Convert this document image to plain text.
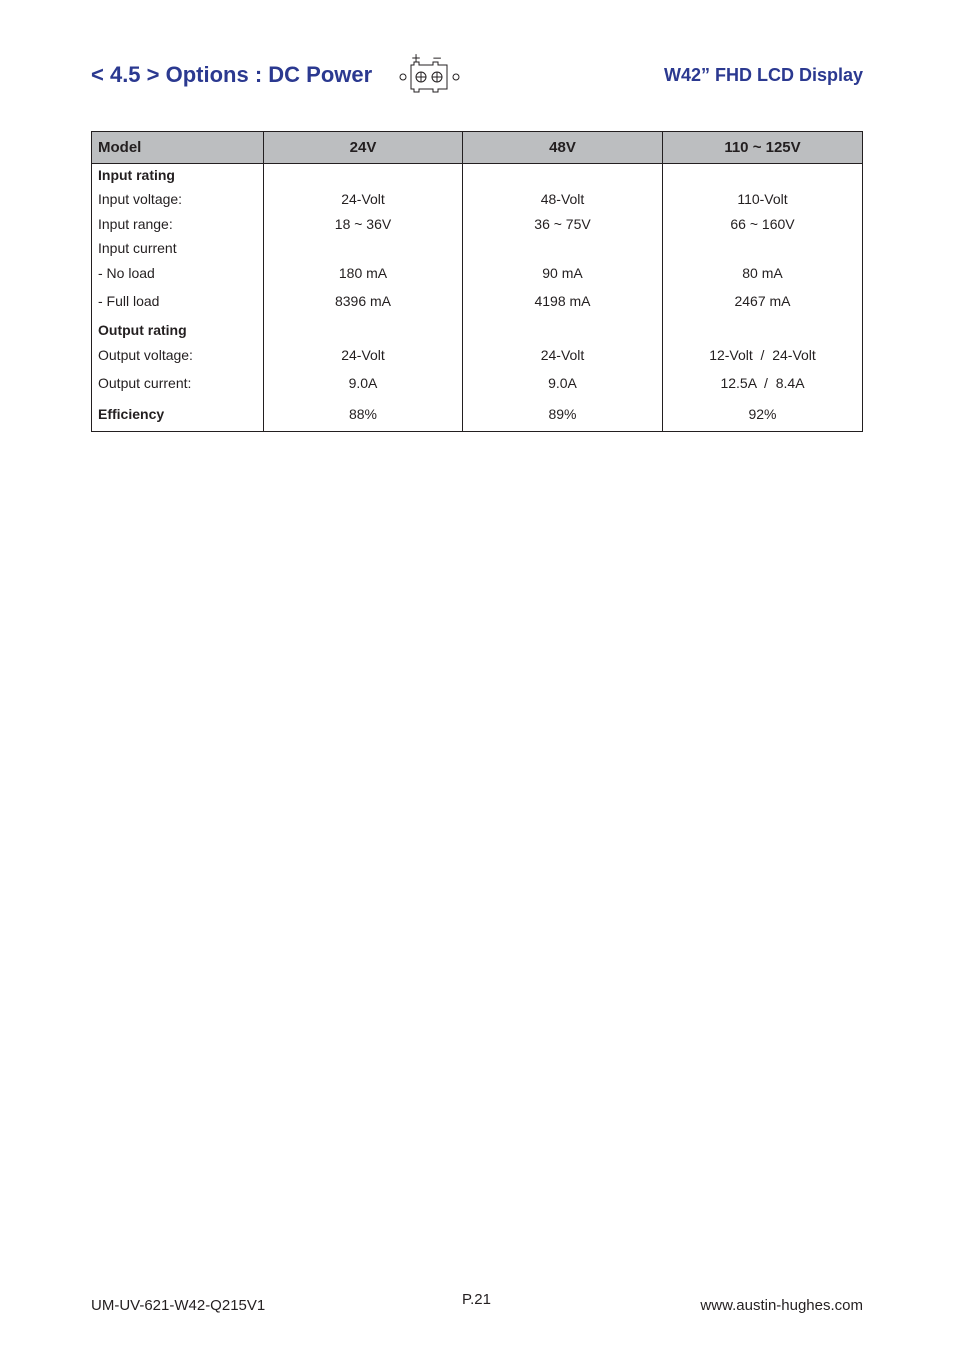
< 4.5 > Options : DC Power
+ −
W42” FHD LCD Display
Model	24V	48V	110 ~ 125V
Input rating			
Input voltage:	24-Volt	48-Volt	110-Volt
Input range:	18 ~ 36V	36 ~ 75V	66 ~ 160V
Input current			
- No load	180 mA	90 mA	80 mA
- Full load	8396 mA	4198 mA	2467 mA
Output rating			
Output voltage:	24-Volt	24-Volt	12-Volt  /  24-Volt
Output current:	9.0A	9.0A	12.5A  /  8.4A
Efficiency	88%	89%	92%
UM-UV-621-W42-Q215V1	P.21	www.austin-hughes.com
